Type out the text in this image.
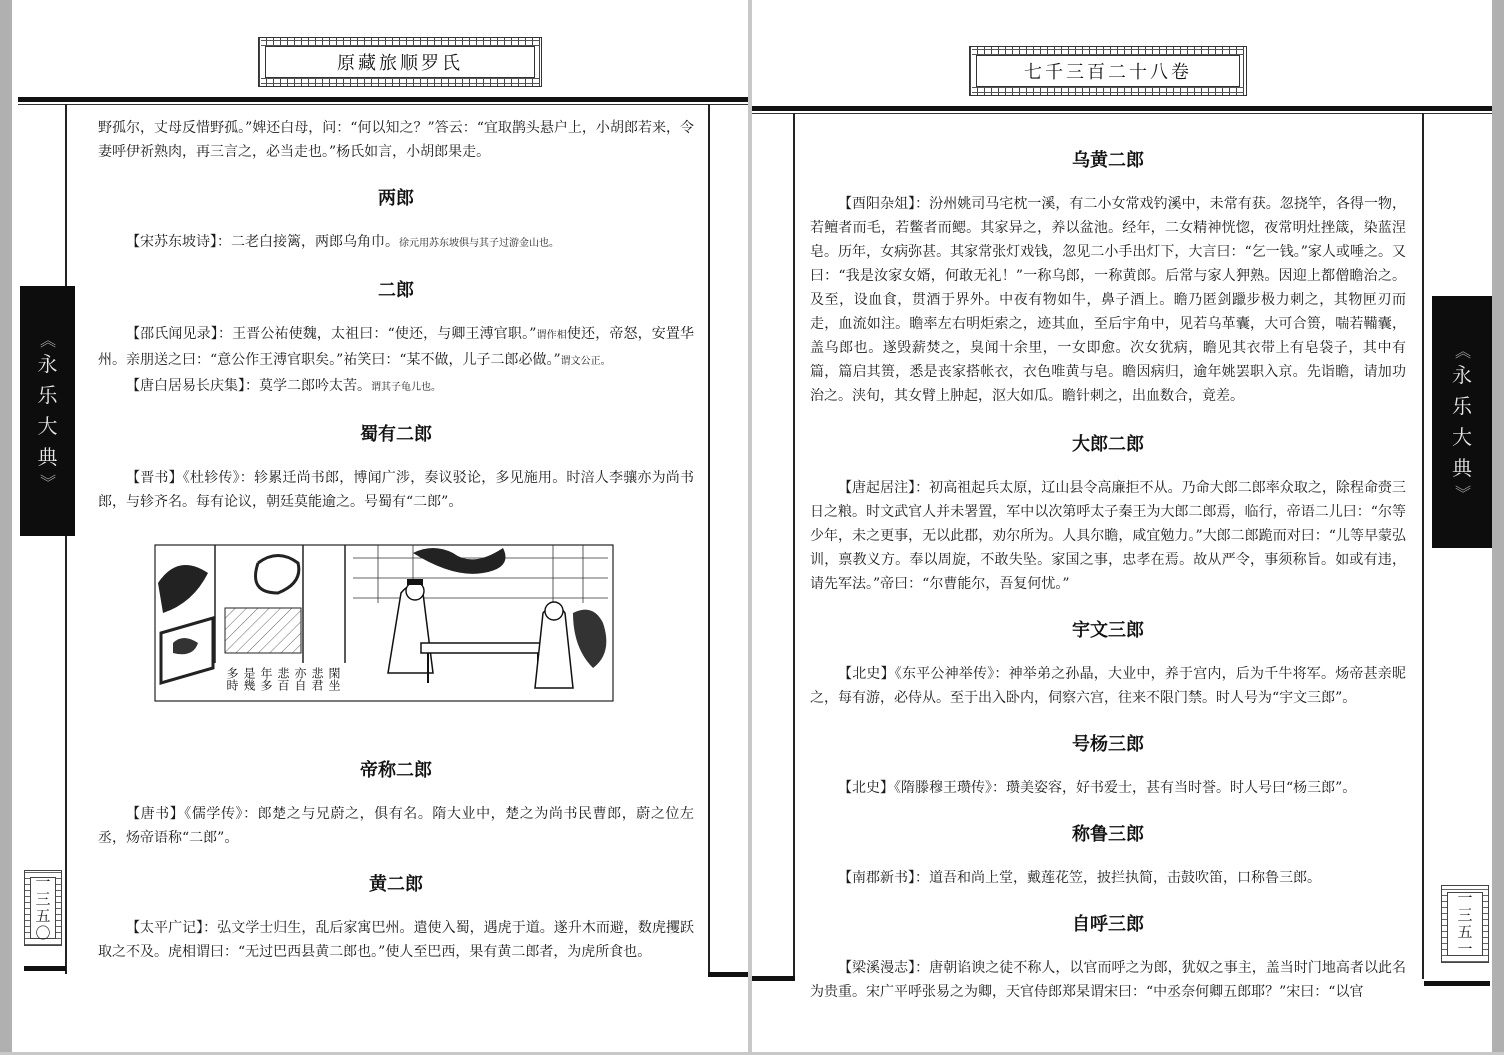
原藏旅顺罗氏
《
永
乐
大
典
》
一
三
五
〇

野孤尔，丈母反惜野孤。”婢还白母，问：“何以知之？”答云：“宜取鹊头悬户上，小胡郎若来，令妻呼伊祈熟肉，再三言之，必当走也。”杨氏如言，小胡郎果走。

两郎

【宋苏东坡诗】：二老白接篱，两郎乌角巾。徐元用苏东坡俱与其子过游金山也。

二郎

【邵氏闻见录】：王晋公祐使魏，太祖曰：“使还，与卿王溥官职。”谓作相使还，帝怒，安置华州。亲朋送之曰：“意公作王溥官职矣。”祐笑曰：“某不做，儿子二郎必做。”谓文公正。

【唐白居易长庆集】：莫学二郎吟太苦。谓其子龟儿也。

蜀有二郎

【晋书】《杜轸传》：轸累迁尚书郎，博闻广涉，奏议驳论，多见施用。时涪人李骧亦为尚书郎，与轸齐名。每有论议，朝廷莫能逾之。号蜀有“二郎”。

帝称二郎

【唐书】《儒学传》：郎楚之与兄蔚之，俱有名。隋大业中，楚之为尚书民曹郎，蔚之位左丞，炀帝语称“二郎”。

黄二郎

【太平广记】：弘文学士归生，乱后家寓巴州。遣使入蜀，遇虎于道。遂升木而避，数虎攫跃取之不及。虎相谓曰：“无过巴西县黄二郎也。”使人至巴西，果有黄二郎者，为虎所食也。

閑坐
悲君
亦自
悲百
年多
是幾
多時
七千三百二十八卷
《
永
乐
大
典
》
一
三
五
一
乌黄二郎

【酉阳杂俎】：汾州姚司马宅枕一溪，有二小女常戏钓溪中，未常有获。忽挠竿，各得一物，若鳣者而毛，若鳖者而鳃。其家异之，养以盆池。经年，二女精神恍惚，夜常明灶挫箴，染蓝涅皂。历年，女病弥甚。其家常张灯戏钱，忽见二小手出灯下，大言曰：“乞一钱。”家人或唾之。又曰：“我是汝家女婿，何敢无礼！”一称乌郎，一称黄郎。后常与家人狎熟。因迎上都僧瞻治之。及至，设血食，贯酒于界外。中夜有物如牛，鼻子酒上。瞻乃匿剑躐步极力刺之，其物匣刃而走，血流如注。瞻率左右明炬索之，迹其血，至后宇角中，见若乌革囊，大可合篑，喘若鞴囊，盖乌郎也。遂毁薪焚之，臭闻十余里，一女即愈。次女犹病，瞻见其衣带上有皂袋子，其中有篇，篇启其篑，悉是丧家搭帐衣，衣色唯黄与皂。瞻因病归，逾年姚罢职入京。先诣瞻，请加功治之。浃旬，其女臂上肿起，沤大如瓜。瞻针刺之，出血数合，竟差。

大郎二郎

【唐起居注】：初高祖起兵太原，辽山县令高廉拒不从。乃命大郎二郎率众取之，除程命赍三日之粮。时文武官人并未署置，军中以次第呼太子秦王为大郎二郎焉，临行，帝语二儿曰：“尔等少年，未之更事，无以此郡，劝尔所为。人具尔瞻，咸宜勉力。”大郎二郎跪而对曰：“儿等早蒙弘训，禀教义方。奉以周旋，不敢失坠。家国之事，忠孝在焉。故从严令，事须称旨。如或有违，请先军法。”帝曰：“尔曹能尔，吾复何忧。”

宇文三郎

【北史】《东平公神举传》：神举弟之孙晶，大业中，养于宫内，后为千牛将军。炀帝甚亲昵之，每有游，必侍从。至于出入卧内，伺察六宫，往来不限门禁。时人号为“宇文三郎”。

号杨三郎

【北史】《隋滕穆王瓒传》：瓒美姿容，好书爱士，甚有当时誉。时人号曰“杨三郎”。

称鲁三郎

【南郡新书】：道吾和尚上堂，戴莲花笠，披拦执简，击鼓吹笛，口称鲁三郎。

自呼三郎

【梁溪漫志】：唐朝谄谀之徒不称人，以官而呼之为郎，犹奴之事主，盖当时门地高者以此名为贵重。宋广平呼张易之为卿，天官侍郎郑杲谓宋曰：“中丞奈何卿五郎耶？”宋曰：“以官
